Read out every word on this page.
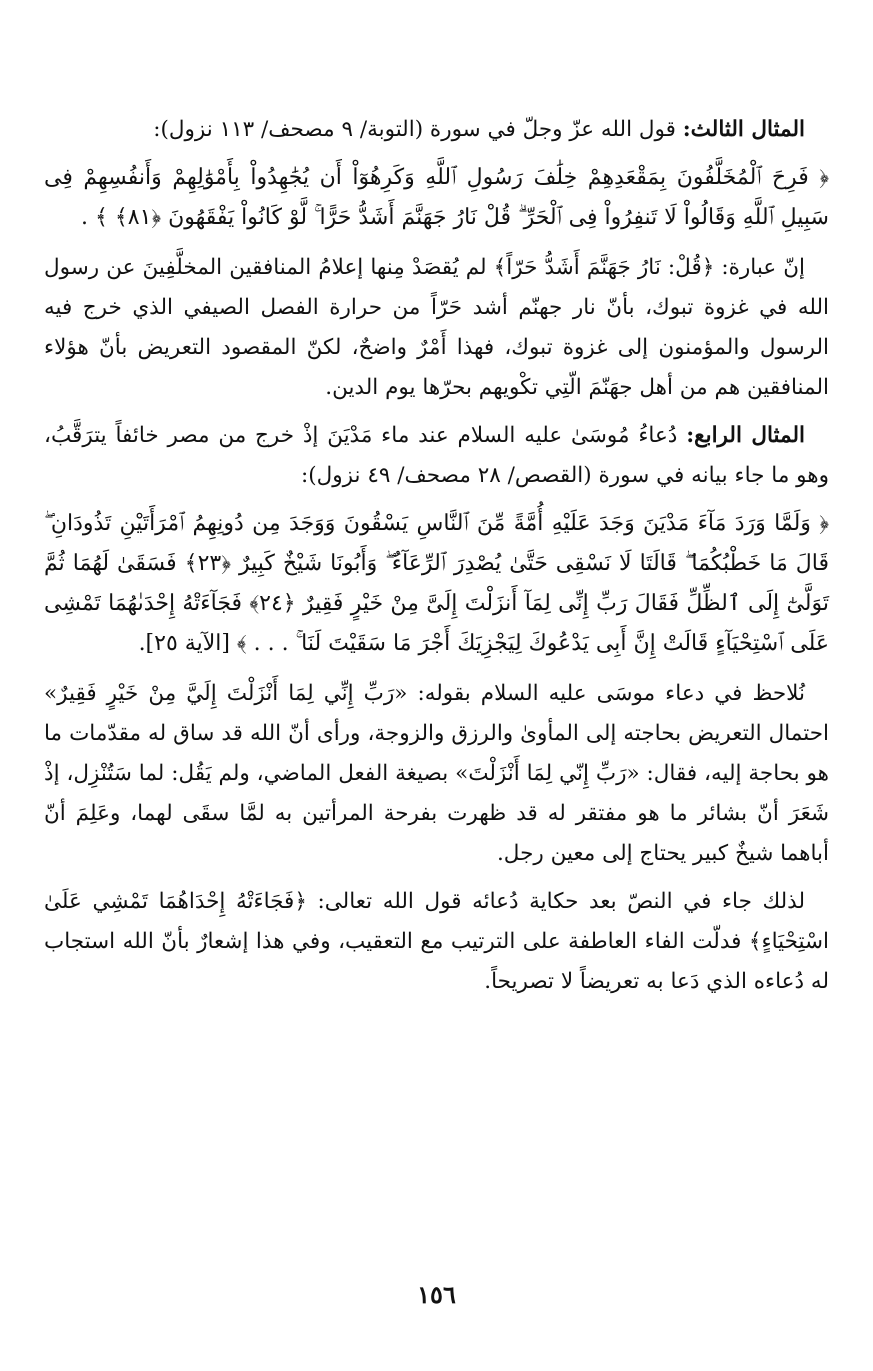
المثال الثالث: قول الله عزّ وجلّ في سورة (التوبة/ ٩ مصحف/ ١١٣ نزول):

﴿ فَرِحَ ٱلْمُخَلَّفُونَ بِمَقْعَدِهِمْ خِلَٰفَ رَسُولِ ٱللَّهِ وَكَرِهُوٓاْ أَن يُجَٰهِدُواْ بِأَمْوَٰلِهِمْ وَأَنفُسِهِمْ فِى سَبِيلِ ٱللَّهِ وَقَالُواْ لَا تَنفِرُواْ فِى ٱلْحَرِّ ۗ قُلْ نَارُ جَهَنَّمَ أَشَدُّ حَرًّا ۚ لَّوْ كَانُواْ يَفْقَهُونَ ﴿٨١﴾ ﴾ .

إنّ عبارة: ﴿قُلْ: نَارُ جَهَنَّمَ أَشَدُّ حَرّاً﴾ لم يُقصَدْ مِنها إعلامُ المنافقين المخلَّفِينَ عن رسول الله في غزوة تبوك، بأنّ نار جهنّم أشد حَرّاً من حرارة الفصل الصيفي الذي خرج فيه الرسول والمؤمنون إلى غزوة تبوك، فهذا أَمْرٌ واضحٌ، لكنّ المقصود التعريض بأنّ هؤلاء المنافقين هم من أهل جهَنّمَ الّتِي تكْويهم بحرّها يوم الدين.

المثال الرابع: دُعاءُ مُوسَىٰ عليه السلام عند ماء مَدْيَنَ إذْ خرج من مصر خائفاً يترَقَّبُ، وهو ما جاء بيانه في سورة (القصص/ ٢٨ مصحف/ ٤٩ نزول):

﴿ وَلَمَّا وَرَدَ مَآءَ مَدْيَنَ وَجَدَ عَلَيْهِ أُمَّةً مِّنَ ٱلنَّاسِ يَسْقُونَ وَوَجَدَ مِن دُونِهِمُ ٱمْرَأَتَيْنِ تَذُودَانِ ۖ قَالَ مَا خَطْبُكُمَا ۖ قَالَتَا لَا نَسْقِى حَتَّىٰ يُصْدِرَ ٱلرِّعَآءُ ۖ وَأَبُونَا شَيْخٌ كَبِيرٌ ﴿٢٣﴾ فَسَقَىٰ لَهُمَا ثُمَّ تَوَلَّىٰٓ إِلَى ٱلظِّلِّ فَقَالَ رَبِّ إِنِّى لِمَآ أَنزَلْتَ إِلَىَّ مِنْ خَيْرٍ فَقِيرٌ ﴿٢٤﴾ فَجَآءَتْهُ إِحْدَىٰهُمَا تَمْشِى عَلَى ٱسْتِحْيَآءٍ قَالَتْ إِنَّ أَبِى يَدْعُوكَ لِيَجْزِيَكَ أَجْرَ مَا سَقَيْتَ لَنَا ۚ . . . ﴾ [الآية ٢٥].

نُلاحظ في دعاء موسَى عليه السلام بقوله: «رَبِّ إِنِّي لِمَا أَنْزَلْتَ إِلَيَّ مِنْ خَيْرٍ فَقِيرٌ» احتمال التعريض بحاجته إلى المأوىٰ والرزق والزوجة، ورأى أنّ الله قد ساق له مقدّمات ما هو بحاجة إليه، فقال: «رَبِّ إِنّي لِمَا أَنْزَلْتَ» بصيغة الفعل الماضي، ولم يَقُل: لما سَتُنْزِل، إذْ شَعَرَ أنّ بشائر ما هو مفتقر له قد ظهرت بفرحة المرأتين به لمَّا سقَى لهما، وعَلِمَ أنّ أباهما شيخٌ كبير يحتاج إلى معين رجل.

لذلك جاء في النصّ بعد حكاية دُعائه قول الله تعالى: ﴿فَجَاءَتْهُ إِحْدَاهُمَا تَمْشِي عَلَىٰ اسْتِحْيَاءٍ﴾ فدلّت الفاء العاطفة على الترتيب مع التعقيب، وفي هذا إشعارٌ بأنّ الله استجاب له دُعاءه الذي دَعا به تعريضاً لا تصريحاً.

١٥٦
